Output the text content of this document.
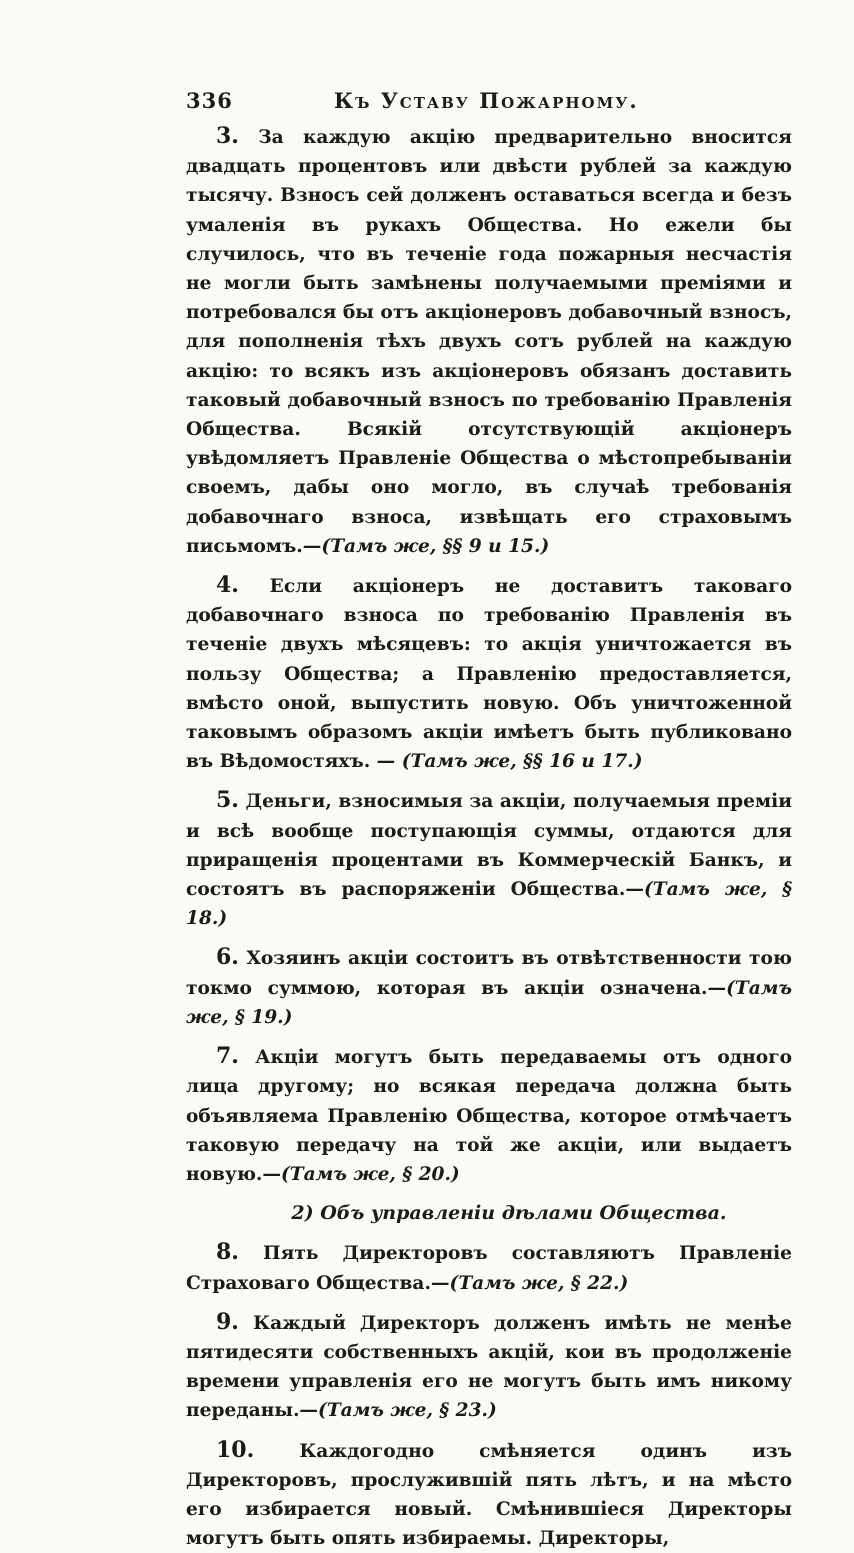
336	Къ Уставу Пожарному.

3. За каждую акцію предварительно вносится двадцать процентовъ или двѣсти рублей за каждую тысячу. Взносъ сей долженъ оставаться всегда и безъ умаленія въ рукахъ Общества. Но ежели бы случилось, что въ теченіе года пожарныя несчастія не могли быть замѣнены получаемыми преміями и потребовался бы отъ акціонеровъ добавочный взносъ, для пополненія тѣхъ двухъ сотъ рублей на каждую акцію: то всякъ изъ акціонеровъ обязанъ доставить таковый добавочный взносъ по требованію Правленія Общества. Всякій отсутствующій акціонеръ увѣдомляетъ Правленіе Общества о мѣстопребываніи своемъ, дабы оно могло, въ случаѣ требованія добавочнаго взноса, извѣщать его страховымъ письмомъ.—(Тамъ же, §§ 9 и 15.)

4. Если акціонеръ не доставитъ таковаго добавочнаго взноса по требованію Правленія въ теченіе двухъ мѣсяцевъ: то акція уничтожается въ пользу Общества; а Правленію предоставляется, вмѣсто оной, выпустить новую. Объ уничтоженной таковымъ образомъ акціи имѣетъ быть публиковано въ Вѣдомостяхъ. — (Тамъ же, §§ 16 и 17.)

5. Деньги, взносимыя за акціи, получаемыя преміи и всѣ вообще поступающія суммы, отдаются для приращенія процентами въ Коммерческій Банкъ, и состоятъ въ распоряженіи Общества.—(Тамъ же, § 18.)

6. Хозяинъ акціи состоитъ въ отвѣтственности тою токмо суммою, которая въ акціи означена.—(Тамъ же, § 19.)

7. Акціи могутъ быть передаваемы отъ одного лица другому; но всякая передача должна быть объявляема Правленію Общества, которое отмѣчаетъ таковую передачу на той же акціи, или выдаетъ новую.—(Тамъ же, § 20.)

2) Объ управленіи дѣлами Общества.

8. Пять Директоровъ составляютъ Правленіе Страховаго Общества.—(Тамъ же, § 22.)

9. Каждый Директоръ долженъ имѣть не менѣе пятидесяти собственныхъ акцій, кои въ продолженіе времени управленія его не могутъ быть имъ никому переданы.—(Тамъ же, § 23.)

10. Каждогодно смѣняется одинъ изъ Директоровъ, прослужившій пять лѣтъ, и на мѣсто его избирается новый. Смѣнившіеся Директоры могутъ быть опять избираемы. Директоры,
